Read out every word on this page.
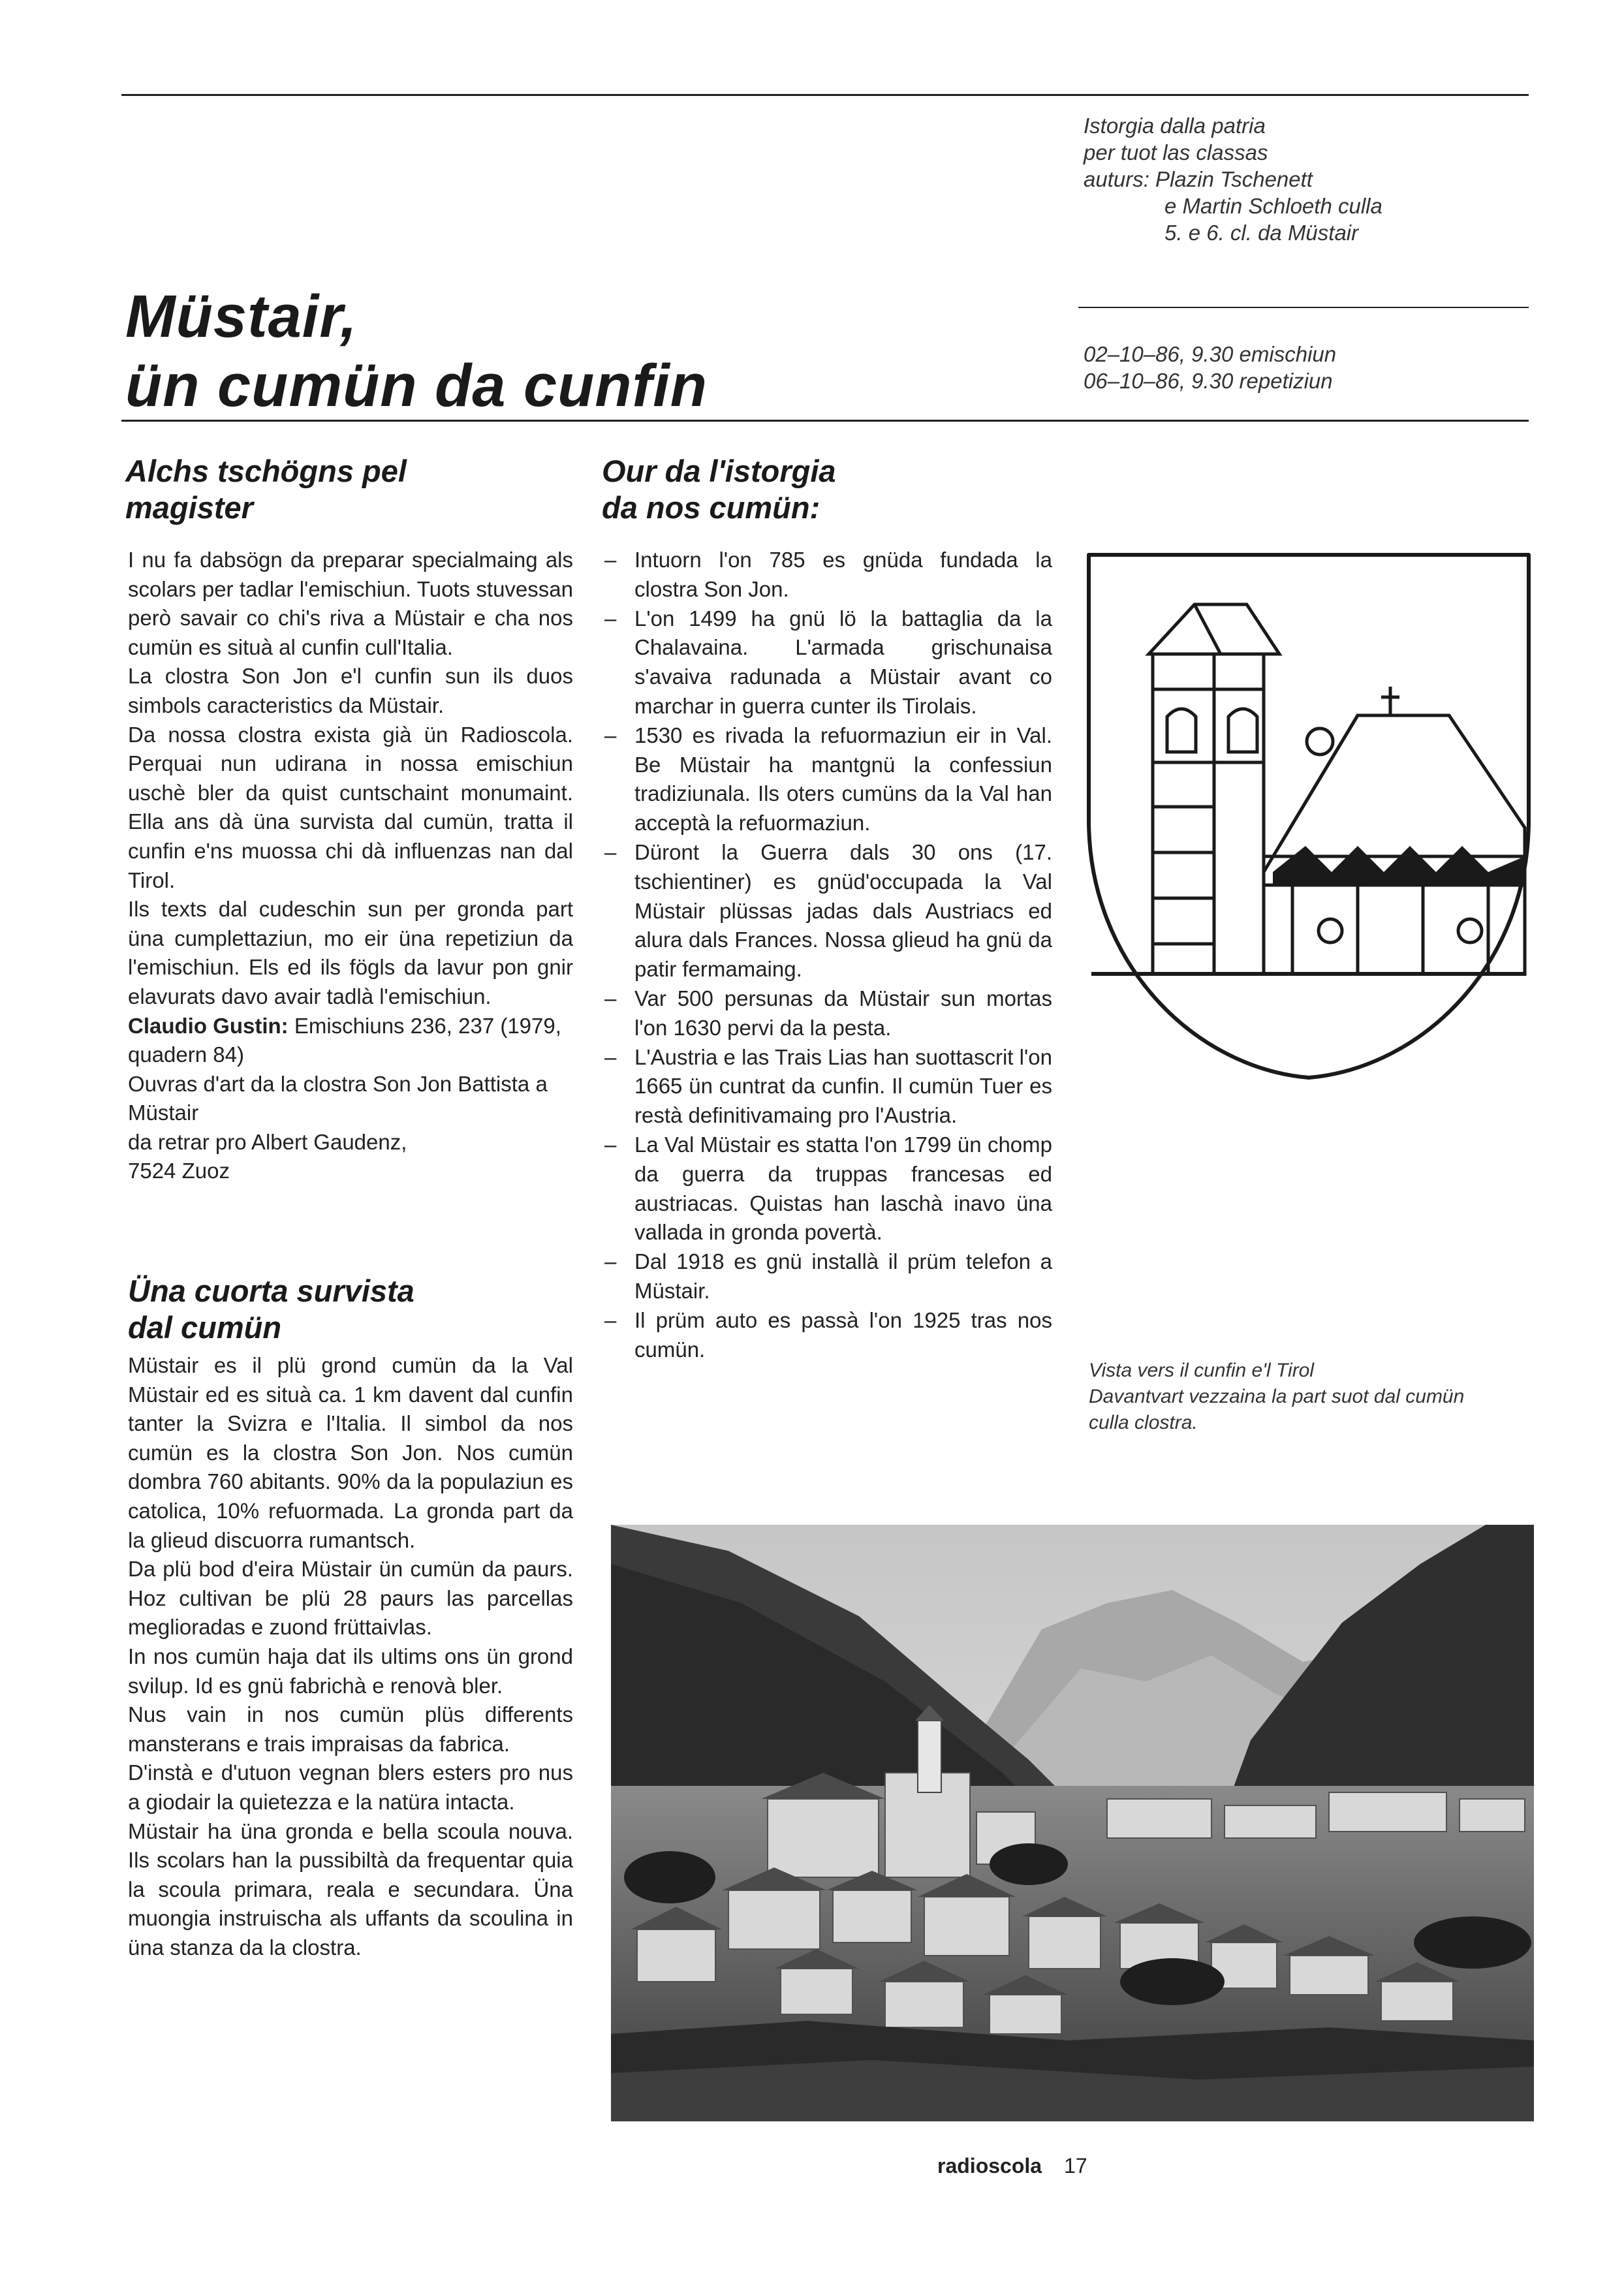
Istorgia dalla patria
per tuot las classas
auturs: Plazin Tschenett
e Martin Schloeth culla
5. e 6. cl. da Müstair
02–10–86, 9.30 emischiun
06–10–86, 9.30 repetiziun
Müstair,
ün cumün da cunfin
Alchs tschögns pel
magister

I nu fa dabsögn da preparar specialmaing als scolars per tadlar l'emischiun. Tuots stuvessan però savair co chi's riva a Müstair e cha nos cumün es situà al cunfin cull'Italia.

La clostra Son Jon e'l cunfin sun ils duos simbols caracteristics da Müstair.

Da nossa clostra exista già ün Radioscola. Perquai nun udirana in nossa emischiun uschè bler da quist cuntschaint monumaint. Ella ans dà üna survista dal cumün, tratta il cunfin e'ns muossa chi dà influenzas nan dal Tirol.

Ils texts dal cudeschin sun per gronda part üna cumplettaziun, mo eir üna repetiziun da l'emischiun. Els ed ils fögls da lavur pon gnir elavurats davo avair tadlà l'emischiun.

Claudio Gustin: Emischiuns 236, 237 (1979, quadern 84)

Ouvras d'art da la clostra Son Jon Battista a Müstair

da retrar pro Albert Gaudenz,

7524 Zuoz

Üna cuorta survista
dal cumün

Müstair es il plü grond cumün da la Val Müstair ed es situà ca. 1 km davent dal cunfin tanter la Svizra e l'Italia. Il simbol da nos cumün es la clostra Son Jon. Nos cumün dombra 760 abitants. 90% da la populaziun es catolica, 10% refuormada. La gronda part da la glieud discuorra rumantsch.

Da plü bod d'eira Müstair ün cumün da paurs. Hoz cultivan be plü 28 paurs las parcellas meglioradas e zuond früttaivlas.

In nos cumün haja dat ils ultims ons ün grond svilup. Id es gnü fabrichà e renovà bler.

Nus vain in nos cumün plüs differents mansterans e trais impraisas da fabrica.

D'instà e d'utuon vegnan blers esters pro nus a giodair la quietezza e la natüra intacta.

Müstair ha üna gronda e bella scoula nouva. Ils scolars han la pussibiltà da frequentar quia la scoula primara, reala e secundara. Üna muongia instruischa als uffants da scoulina in üna stanza da la clostra.

Our da l'istorgia
da nos cumün:
– Intuorn l'on 785 es gnüda fundada la clostra Son Jon.
– L'on 1499 ha gnü lö la battaglia da la Chalavaina. L'armada grischunaisa s'avaiva radunada a Müstair avant co marchar in guerra cunter ils Tirolais.
– 1530 es rivada la refuormaziun eir in Val. Be Müstair ha mantgnü la confessiun tradiziunala. Ils oters cumüns da la Val han acceptà la refuormaziun.
– Düront la Guerra dals 30 ons (17. tschientiner) es gnüd'occupada la Val Müstair plüssas jadas dals Austriacs ed alura dals Frances. Nossa glieud ha gnü da patir fermamaing.
– Var 500 persunas da Müstair sun mortas l'on 1630 pervi da la pesta.
– L'Austria e las Trais Lias han suottascrit l'on 1665 ün cuntrat da cunfin. Il cumün Tuer es restà definitivamaing pro l'Austria.
– La Val Müstair es statta l'on 1799 ün chomp da guerra da truppas francesas ed austriacas. Quistas han laschà inavo üna vallada in gronda povertà.
– Dal 1918 es gnü installà il prüm telefon a Müstair.
– Il prüm auto es passà l'on 1925 tras nos cumün.
Vista vers il cunfin e'l Tirol
Davantvart vezzaina la part suot dal cumün
culla clostra.
radioscola 17
